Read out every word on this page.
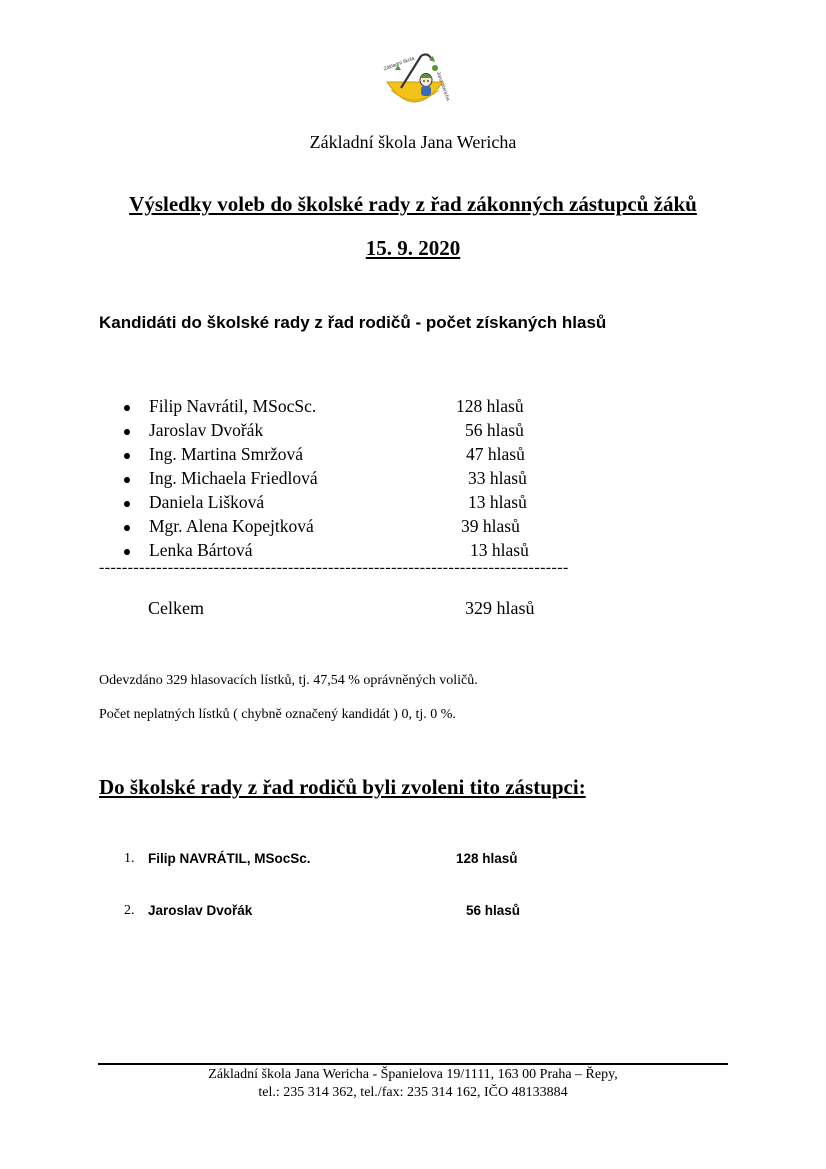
Základní škola
Jana Wericha
Základní škola Jana Wericha
Výsledky voleb do školské rady z řad zákonných zástupců žáků
15. 9. 2020
Kandidáti do školské rady z řad rodičů - počet získaných hlasů
Filip Navrátil, MSocSc.	128 hlasů
Jaroslav Dvořák	56 hlasů
Ing. Martina Smržová	47 hlasů
Ing. Michaela Friedlová	33 hlasů
Daniela Lišková	13 hlasů
Mgr. Alena Kopejtková	39 hlasů
Lenka Bártová	13 hlasů
----------------------------------------------------------------------------------
Celkem	329 hlasů
Odevzdáno 329 hlasovacích lístků, tj. 47,54 % oprávněných voličů.
Počet neplatných lístků ( chybně označený kandidát ) 0, tj. 0 %.
Do školské rady z řad rodičů byli zvoleni tito zástupci:
1. Filip NAVRÁTIL, MSocSc.	128 hlasů
2. Jaroslav Dvořák	56 hlasů
Základní škola Jana Wericha - Španielova 19/1111, 163 00 Praha – Řepy,
tel.: 235 314 362, tel./fax: 235 314 162, IČO 48133884
